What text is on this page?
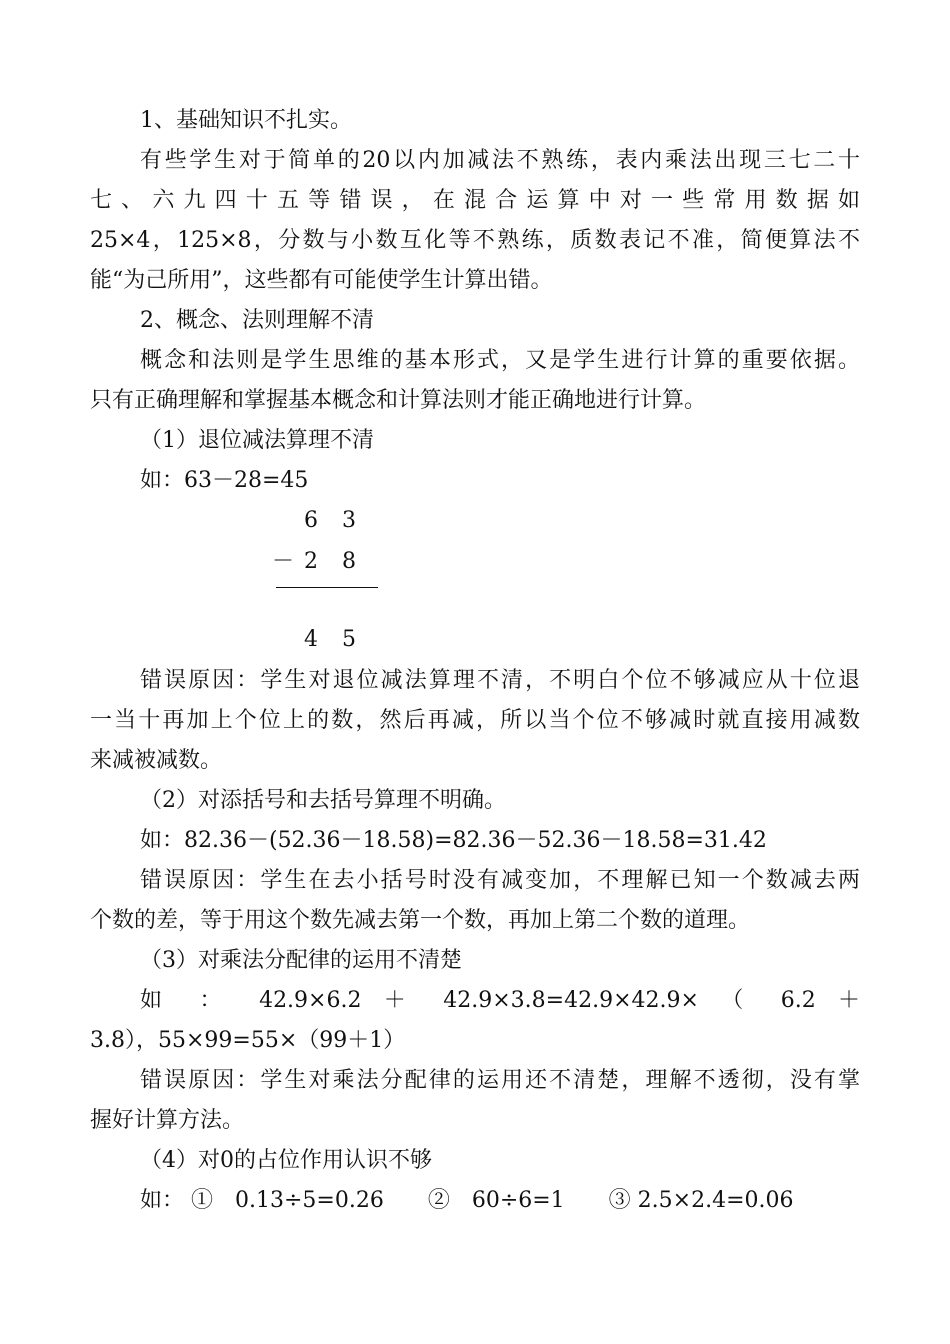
1、基础知识不扎实。
有些学生对于简单的20以内加减法不熟练，表内乘法出现三七二十
七 、 六 九 四 十 五 等 错 误 ， 在 混 合 运 算 中 对 一 些 常 用 数 据 如
25×4，125×8，分数与小数互化等不熟练，质数表记不准，简便算法不
能“为己所用”，这些都有可能使学生计算出错。
2、概念、法则理解不清
概念和法则是学生思维的基本形式，又是学生进行计算的重要依据。
只有正确理解和掌握基本概念和计算法则才能正确地进行计算。
（1）退位减法算理不清
如：63－28=45
6 3
－ 2 8
4 5
错误原因：学生对退位减法算理不清，不明白个位不够减应从十位退
一当十再加上个位上的数，然后再减，所以当个位不够减时就直接用减数
来减被减数。
（2）对添括号和去括号算理不明确。
如：82.36－(52.36－18.58)=82.36－52.36－18.58=31.42
错误原因：学生在去小括号时没有减变加，不理解已知一个数减去两
个数的差，等于用这个数先减去第一个数，再加上第二个数的道理。
（3）对乘法分配律的运用不清楚
如 ： 42.9×6.2 ＋ 42.9×3.8=42.9×42.9× （ 6.2 ＋
3.8），55×99=55×（99＋1）
错误原因：学生对乘法分配律的运用还不清楚，理解不透彻，没有掌
握好计算方法。
（4）对0的占位作用认识不够
如： ①　0.13÷5=0.26　　②　60÷6=1　　③ 2.5×2.4=0.06
